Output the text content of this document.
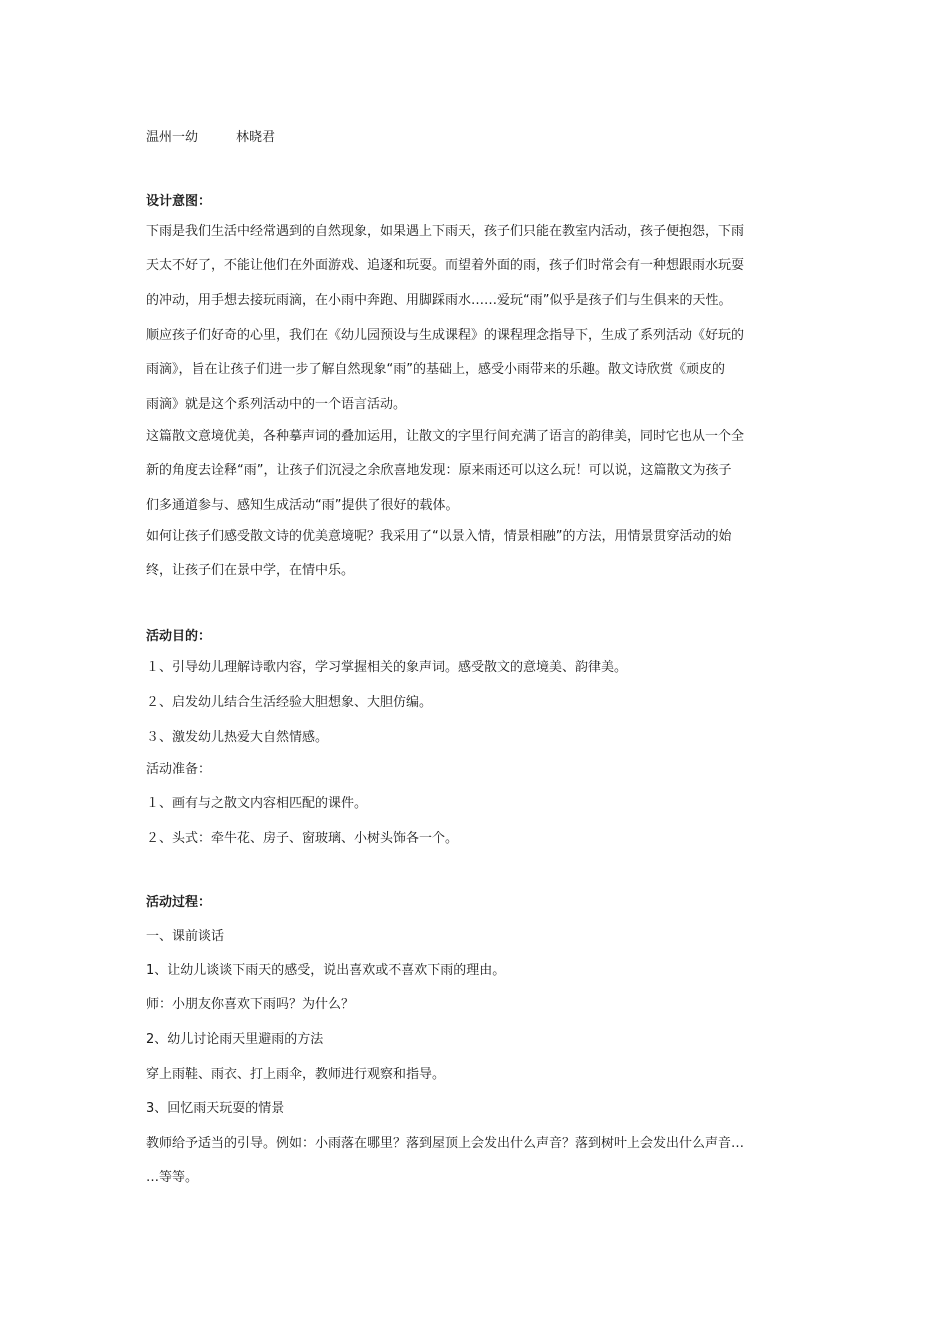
温州一幼	林晓君
设计意图：
下雨是我们生活中经常遇到的自然现象，如果遇上下雨天，孩子们只能在教室内活动，孩子便抱怨，下雨
天太不好了，不能让他们在外面游戏、追逐和玩耍。而望着外面的雨，孩子们时常会有一种想跟雨水玩耍
的冲动，用手想去接玩雨滴，在小雨中奔跑、用脚踩雨水……爱玩“雨”似乎是孩子们与生俱来的天性。
顺应孩子们好奇的心里，我们在《幼儿园预设与生成课程》的课程理念指导下，生成了系列活动《好玩的
雨滴》，旨在让孩子们进一步了解自然现象“雨”的基础上，感受小雨带来的乐趣。散文诗欣赏《顽皮的
雨滴》就是这个系列活动中的一个语言活动。
这篇散文意境优美，各种摹声词的叠加运用，让散文的字里行间充满了语言的韵律美，同时它也从一个全
新的角度去诠释“雨”，让孩子们沉浸之余欣喜地发现：原来雨还可以这么玩！可以说，这篇散文为孩子
们多通道参与、感知生成活动“雨”提供了很好的载体。
如何让孩子们感受散文诗的优美意境呢？我采用了“以景入情，情景相融”的方法，用情景贯穿活动的始
终，让孩子们在景中学，在情中乐。
活动目的：
１、引导幼儿理解诗歌内容，学习掌握相关的象声词。感受散文的意境美、韵律美。
２、启发幼儿结合生活经验大胆想象、大胆仿编。
３、激发幼儿热爱大自然情感。
活动准备：
１、画有与之散文内容相匹配的课件。
２、头式：牵牛花、房子、窗玻璃、小树头饰各一个。
活动过程：
一、课前谈话
1、让幼儿谈谈下雨天的感受，说出喜欢或不喜欢下雨的理由。
师：小朋友你喜欢下雨吗？为什么？
2、幼儿讨论雨天里避雨的方法
穿上雨鞋、雨衣、打上雨伞，教师进行观察和指导。
3、回忆雨天玩耍的情景
教师给予适当的引导。例如：小雨落在哪里？落到屋顶上会发出什么声音？落到树叶上会发出什么声音…
…等等。
